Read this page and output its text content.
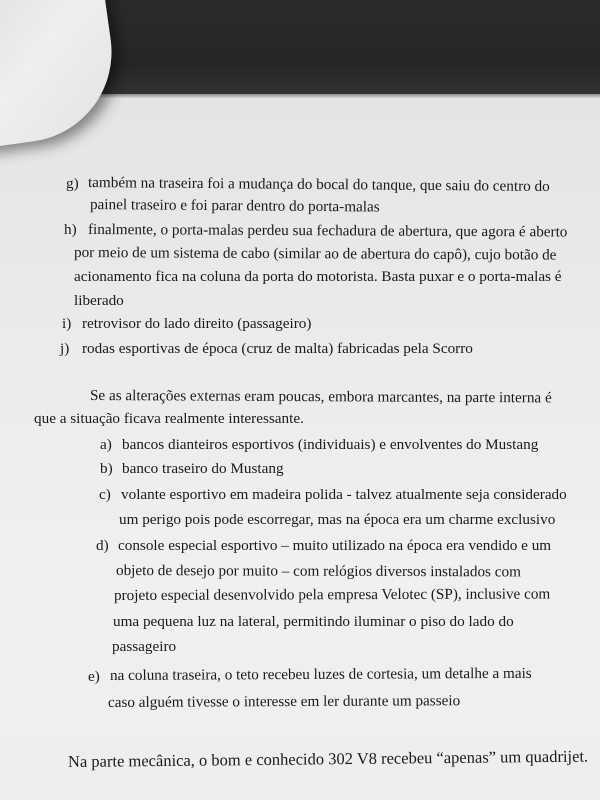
g) também na traseira foi a mudança do bocal do tanque, que saiu do centro do

painel traseiro e foi parar dentro do porta-malas

h) finalmente, o porta-malas perdeu sua fechadura de abertura, que agora é aberto

por meio de um sistema de cabo (similar ao de abertura do capô), cujo botão de

acionamento fica na coluna da porta do motorista. Basta puxar e o porta-malas é

liberado

i) retrovisor do lado direito (passageiro)

j) rodas esportivas de época (cruz de malta) fabricadas pela Scorro

Se as alterações externas eram poucas, embora marcantes, na parte interna é

que a situação ficava realmente interessante.

a) bancos dianteiros esportivos (individuais) e envolventes do Mustang

b) banco traseiro do Mustang

c) volante esportivo em madeira polida - talvez atualmente seja considerado

um perigo pois pode escorregar, mas na época era um charme exclusivo

d) console especial esportivo – muito utilizado na época era vendido e um

objeto de desejo por muito – com relógios diversos instalados com

projeto especial desenvolvido pela empresa Velotec (SP), inclusive com

uma pequena luz na lateral, permitindo iluminar o piso do lado do

passageiro

e) na coluna traseira, o teto recebeu luzes de cortesia, um detalhe a mais

caso alguém tivesse o interesse em ler durante um passeio

Na parte mecânica, o bom e conhecido 302 V8 recebeu “apenas” um quadrijet.
